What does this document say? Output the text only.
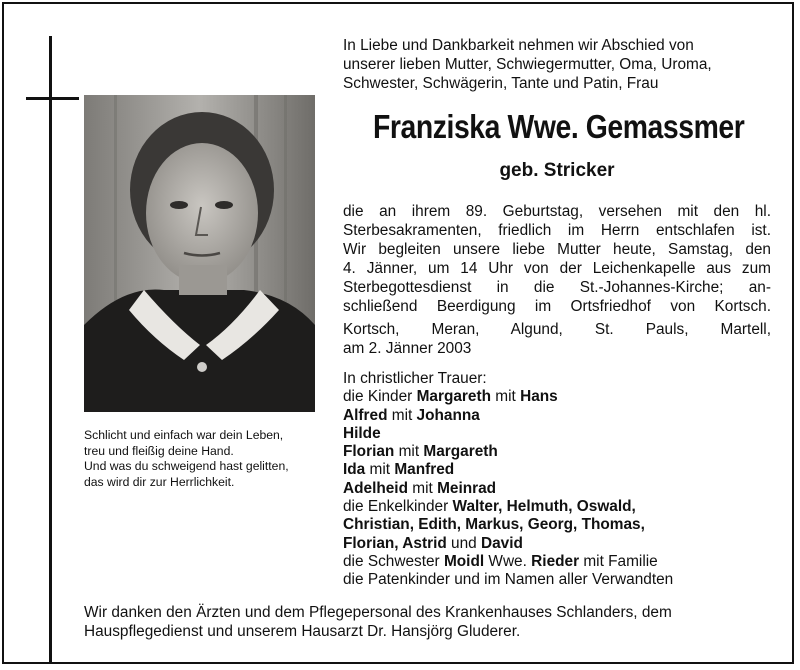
Schlicht und einfach war dein Leben,
treu und fleißig deine Hand.
Und was du schweigend hast gelitten,
das wird dir zur Herrlichkeit.
In Liebe und Dankbarkeit nehmen wir Abschied von
unserer lieben Mutter, Schwiegermutter, Oma, Uroma,
Schwester, Schwägerin, Tante und Patin, Frau
Franziska Wwe. Gemassmer
geb. Stricker
die an ihrem 89. Geburtstag, versehen mit den hl.
Sterbesakramenten, friedlich im Herrn entschlafen ist.
Wir begleiten unsere liebe Mutter heute, Samstag, den
4. Jänner, um 14 Uhr von der Leichenkapelle aus zum
Sterbegottesdienst in die St.-Johannes-Kirche; an-
schließend Beerdigung im Ortsfriedhof von Kortsch.
Kortsch, Meran, Algund, St. Pauls, Martell,
am 2. Jänner 2003
In christlicher Trauer:
die Kinder Margareth mit Hans
Alfred mit Johanna
Hilde
Florian mit Margareth
Ida mit Manfred
Adelheid mit Meinrad
die Enkelkinder Walter, Helmuth, Oswald,
Christian, Edith, Markus, Georg, Thomas,
Florian, Astrid und David
die Schwester Moidl Wwe. Rieder mit Familie
die Patenkinder und im Namen aller Verwandten
Wir danken den Ärzten und dem Pflegepersonal des Krankenhauses Schlanders, dem
Hauspflegedienst und unserem Hausarzt Dr. Hansjörg Gluderer.
